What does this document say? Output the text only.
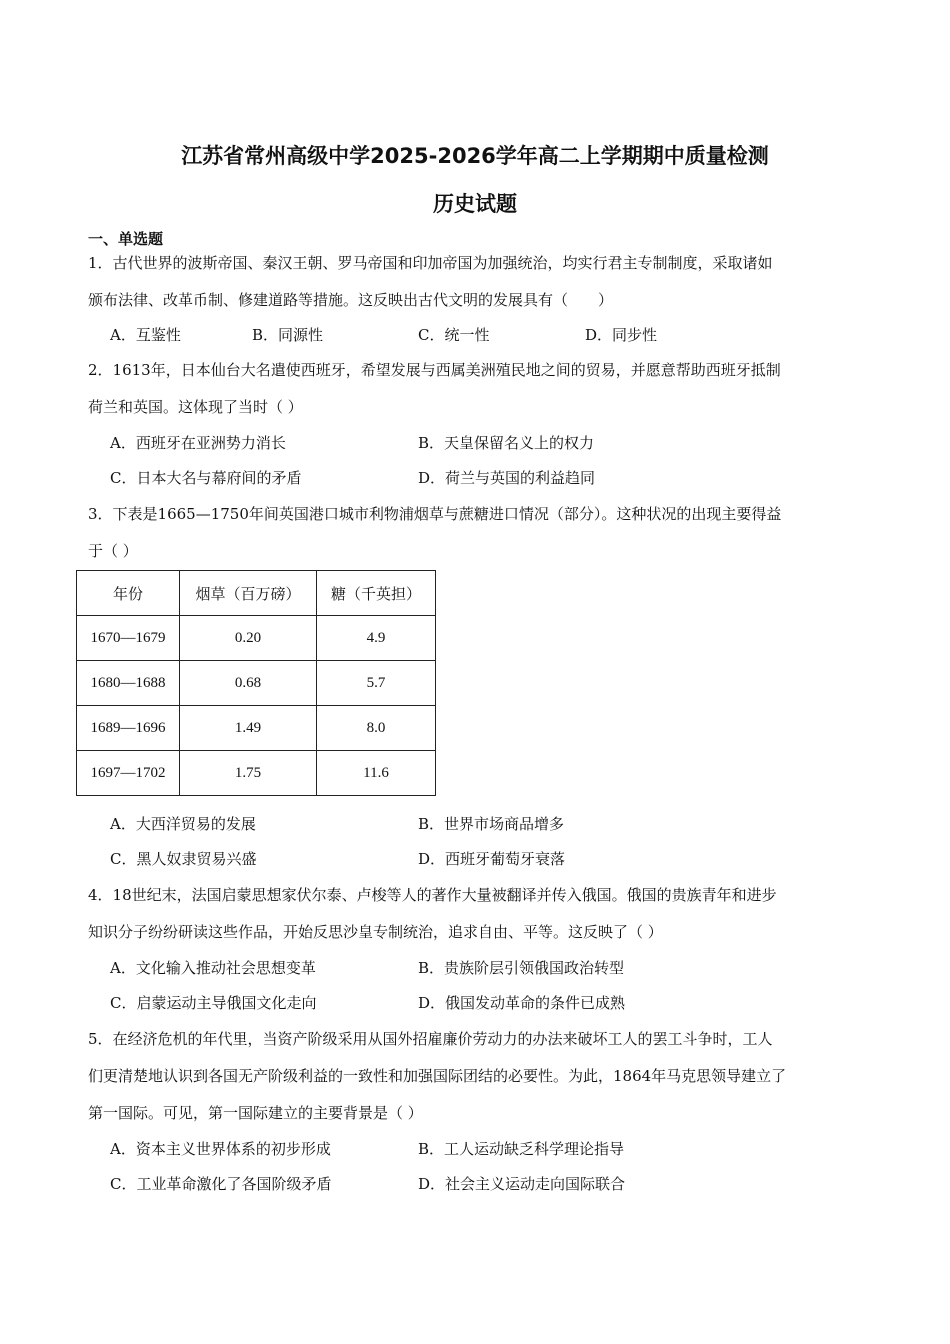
江苏省常州高级中学2025-2026学年高二上学期期中质量检测
历史试题
一、单选题
1．古代世界的波斯帝国、秦汉王朝、罗马帝国和印加帝国为加强统治，均实行君主专制制度，采取诸如
颁布法律、改革币制、修建道路等措施。这反映出古代文明的发展具有（　　）
A．互鉴性	B．同源性	C．统一性	D．同步性
2．1613年，日本仙台大名遣使西班牙，希望发展与西属美洲殖民地之间的贸易，并愿意帮助西班牙抵制
荷兰和英国。这体现了当时（ ）
A．西班牙在亚洲势力消长	B．天皇保留名义上的权力
C．日本大名与幕府间的矛盾	D．荷兰与英国的利益趋同
3．下表是1665—1750年间英国港口城市利物浦烟草与蔗糖进口情况（部分）。这种状况的出现主要得益
于（ ）
年份	烟草（百万磅）	糖（千英担）
1670—1679	0.20	4.9
1680—1688	0.68	5.7
1689—1696	1.49	8.0
1697—1702	1.75	11.6
A．大西洋贸易的发展	B．世界市场商品增多
C．黑人奴隶贸易兴盛	D．西班牙葡萄牙衰落
4．18世纪末，法国启蒙思想家伏尔泰、卢梭等人的著作大量被翻译并传入俄国。俄国的贵族青年和进步
知识分子纷纷研读这些作品，开始反思沙皇专制统治，追求自由、平等。这反映了（ ）
A．文化输入推动社会思想变革	B．贵族阶层引领俄国政治转型
C．启蒙运动主导俄国文化走向	D．俄国发动革命的条件已成熟
5．在经济危机的年代里，当资产阶级采用从国外招雇廉价劳动力的办法来破坏工人的罢工斗争时，工人
们更清楚地认识到各国无产阶级利益的一致性和加强国际团结的必要性。为此，1864年马克思领导建立了
第一国际。可见，第一国际建立的主要背景是（ ）
A．资本主义世界体系的初步形成	B．工人运动缺乏科学理论指导
C．工业革命激化了各国阶级矛盾	D．社会主义运动走向国际联合
